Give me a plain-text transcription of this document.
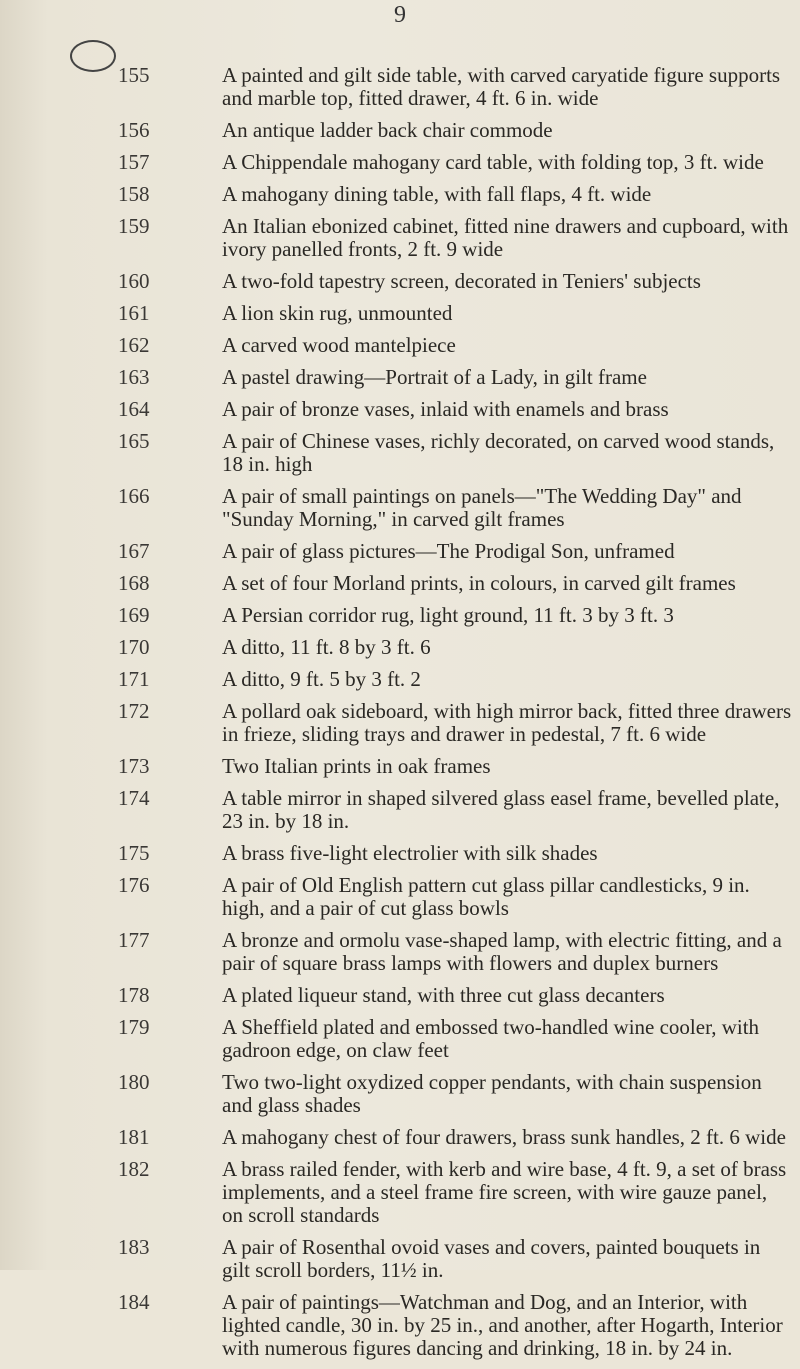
9
155	A painted and gilt side table, with carved caryatide figure supports and marble top, fitted drawer, 4 ft. 6 in. wide
156	An antique ladder back chair commode
157	A Chippendale mahogany card table, with folding top, 3 ft. wide
158	A mahogany dining table, with fall flaps, 4 ft. wide
159	An Italian ebonized cabinet, fitted nine drawers and cupboard, with ivory panelled fronts, 2 ft. 9 wide
160	A two-fold tapestry screen, decorated in Teniers' subjects
161	A lion skin rug, unmounted
162	A carved wood mantelpiece
163	A pastel drawing—Portrait of a Lady, in gilt frame
164	A pair of bronze vases, inlaid with enamels and brass
165	A pair of Chinese vases, richly decorated, on carved wood stands, 18 in. high
166	A pair of small paintings on panels—"The Wedding Day" and "Sunday Morning," in carved gilt frames
167	A pair of glass pictures—The Prodigal Son, unframed
168	A set of four Morland prints, in colours, in carved gilt frames
169	A Persian corridor rug, light ground, 11 ft. 3 by 3 ft. 3
170	A ditto, 11 ft. 8 by 3 ft. 6
171	A ditto, 9 ft. 5 by 3 ft. 2
172	A pollard oak sideboard, with high mirror back, fitted three drawers in frieze, sliding trays and drawer in pedestal, 7 ft. 6 wide
173	Two Italian prints in oak frames
174	A table mirror in shaped silvered glass easel frame, bevelled plate, 23 in. by 18 in.
175	A brass five-light electrolier with silk shades
176	A pair of Old English pattern cut glass pillar candlesticks, 9 in. high, and a pair of cut glass bowls
177	A bronze and ormolu vase-shaped lamp, with electric fitting, and a pair of square brass lamps with flowers and duplex burners
178	A plated liqueur stand, with three cut glass decanters
179	A Sheffield plated and embossed two-handled wine cooler, with gadroon edge, on claw feet
180	Two two-light oxydized copper pendants, with chain suspension and glass shades
181	A mahogany chest of four drawers, brass sunk handles, 2 ft. 6 wide
182	A brass railed fender, with kerb and wire base, 4 ft. 9, a set of brass implements, and a steel frame fire screen, with wire gauze panel, on scroll standards
183	A pair of Rosenthal ovoid vases and covers, painted bouquets in gilt scroll borders, 11½ in.
184	A pair of paintings—Watchman and Dog, and an Interior, with lighted candle, 30 in. by 25 in., and another, after Hogarth, Interior with numerous figures dancing and drinking, 18 in. by 24 in.
